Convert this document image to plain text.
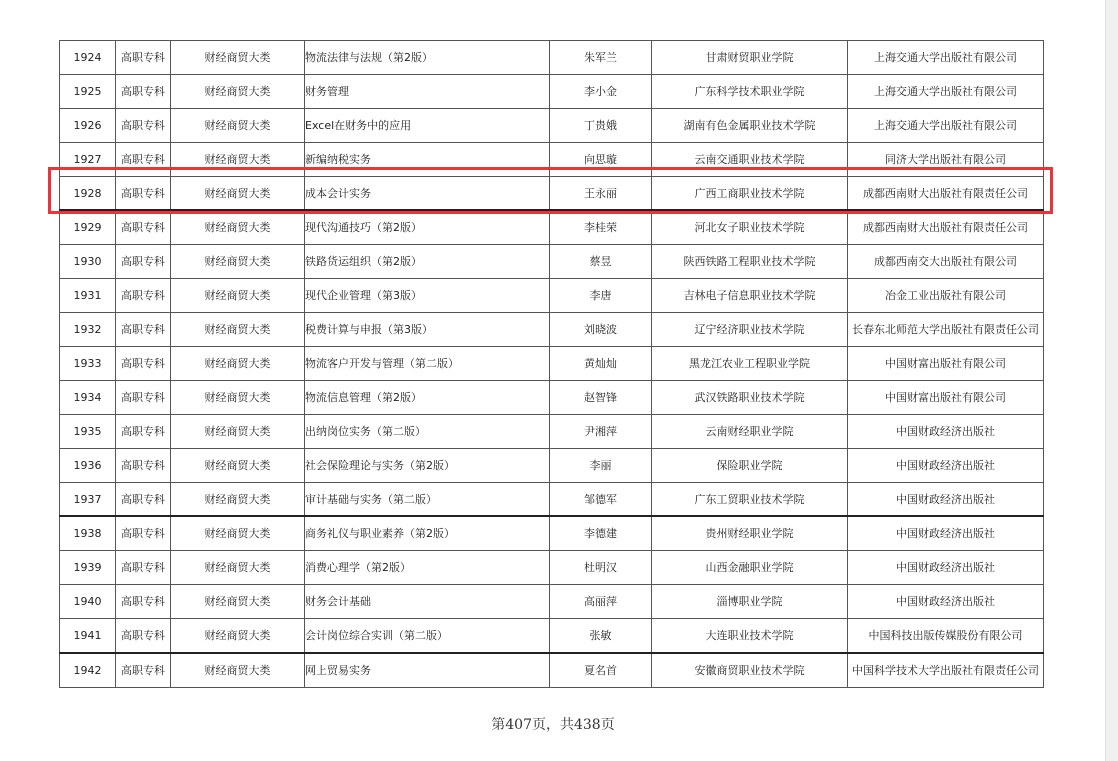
1924	高职专科	财经商贸大类	物流法律与法规（第2版）	朱军兰	甘肃财贸职业学院	上海交通大学出版社有限公司
1925	高职专科	财经商贸大类	财务管理	李小金	广东科学技术职业学院	上海交通大学出版社有限公司
1926	高职专科	财经商贸大类	Excel在财务中的应用	丁贵娥	湖南有色金属职业技术学院	上海交通大学出版社有限公司
1927	高职专科	财经商贸大类	新编纳税实务	向思璇	云南交通职业技术学院	同济大学出版社有限公司
1928	高职专科	财经商贸大类	成本会计实务	王永丽	广西工商职业技术学院	成都西南财大出版社有限责任公司
1929	高职专科	财经商贸大类	现代沟通技巧（第2版）	李桂荣	河北女子职业技术学院	成都西南财大出版社有限责任公司
1930	高职专科	财经商贸大类	铁路货运组织（第2版）	蔡昱	陕西铁路工程职业技术学院	成都西南交大出版社有限公司
1931	高职专科	财经商贸大类	现代企业管理（第3版）	李唐	吉林电子信息职业技术学院	冶金工业出版社有限公司
1932	高职专科	财经商贸大类	税费计算与申报（第3版）	刘晓波	辽宁经济职业技术学院	长春东北师范大学出版社有限责任公司
1933	高职专科	财经商贸大类	物流客户开发与管理（第二版）	黄灿灿	黑龙江农业工程职业学院	中国财富出版社有限公司
1934	高职专科	财经商贸大类	物流信息管理（第2版）	赵智锋	武汉铁路职业技术学院	中国财富出版社有限公司
1935	高职专科	财经商贸大类	出纳岗位实务（第二版）	尹湘萍	云南财经职业学院	中国财政经济出版社
1936	高职专科	财经商贸大类	社会保险理论与实务（第2版）	李丽	保险职业学院	中国财政经济出版社
1937	高职专科	财经商贸大类	审计基础与实务（第二版）	邹德军	广东工贸职业技术学院	中国财政经济出版社
1938	高职专科	财经商贸大类	商务礼仪与职业素养（第2版）	李德建	贵州财经职业学院	中国财政经济出版社
1939	高职专科	财经商贸大类	消费心理学（第2版）	杜明汉	山西金融职业学院	中国财政经济出版社
1940	高职专科	财经商贸大类	财务会计基础	高丽萍	淄博职业学院	中国财政经济出版社
1941	高职专科	财经商贸大类	会计岗位综合实训（第二版）	张敏	大连职业技术学院	中国科技出版传媒股份有限公司
1942	高职专科	财经商贸大类	网上贸易实务	夏名首	安徽商贸职业技术学院	中国科学技术大学出版社有限责任公司
第407页，共438页
